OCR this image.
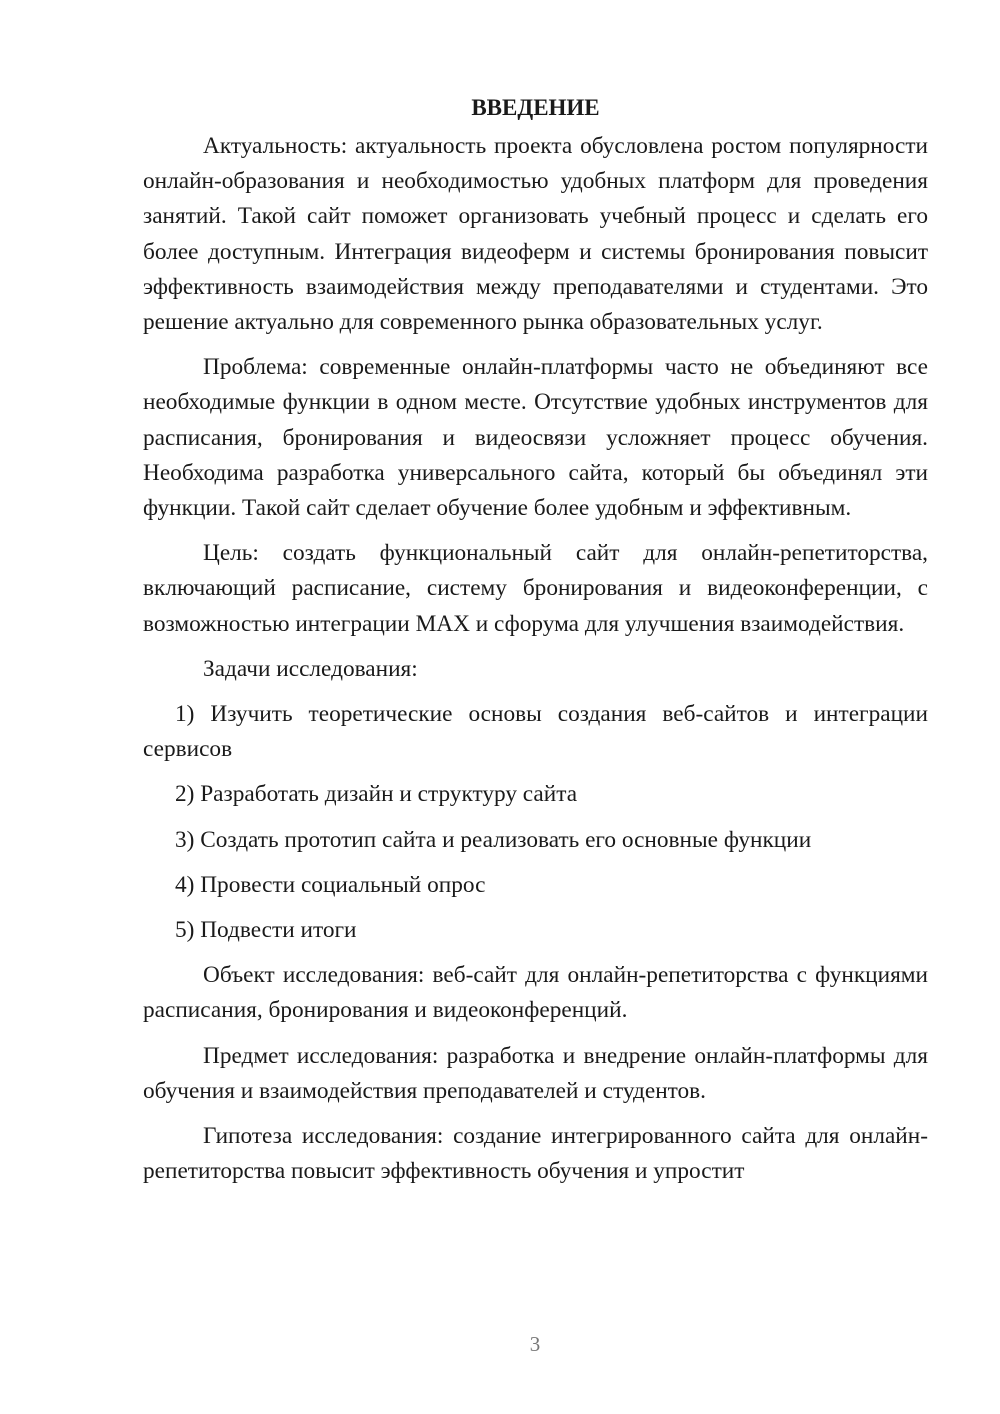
ВВЕДЕНИЕ

Актуальность: актуальность проекта обусловлена ростом популярности онлайн-образования и необходимостью удобных платформ для проведения занятий. Такой сайт поможет организовать учебный процесс и сделать его более доступным. Интеграция видеоферм и системы бронирования повысит эффективность взаимодействия между преподавателями и студентами. Это решение актуально для современного рынка образовательных услуг.

Проблема: современные онлайн-платформы часто не объединяют все необходимые функции в одном месте. Отсутствие удобных инструментов для расписания, бронирования и видеосвязи усложняет процесс обучения. Необходима разработка универсального сайта, который бы объединял эти функции. Такой сайт сделает обучение более удобным и эффективным.

Цель: создать функциональный сайт для онлайн-репетиторства, включающий расписание, систему бронирования и видеоконференции, с возможностью интеграции MAX и сфорума для улучшения взаимодействия.

Задачи исследования:

1) Изучить теоретические основы создания веб-сайтов и интеграции сервисов

2) Разработать дизайн и структуру сайта

3) Создать прототип сайта и реализовать его основные функции

4) Провести социальный опрос

5) Подвести итоги

Объект исследования: веб-сайт для онлайн-репетиторства с функциями расписания, бронирования и видеоконференций.

Предмет исследования: разработка и внедрение онлайн-платформы для обучения и взаимодействия преподавателей и студентов.

Гипотеза исследования: создание интегрированного сайта для онлайн-репетиторства повысит эффективность обучения и упростит

3
